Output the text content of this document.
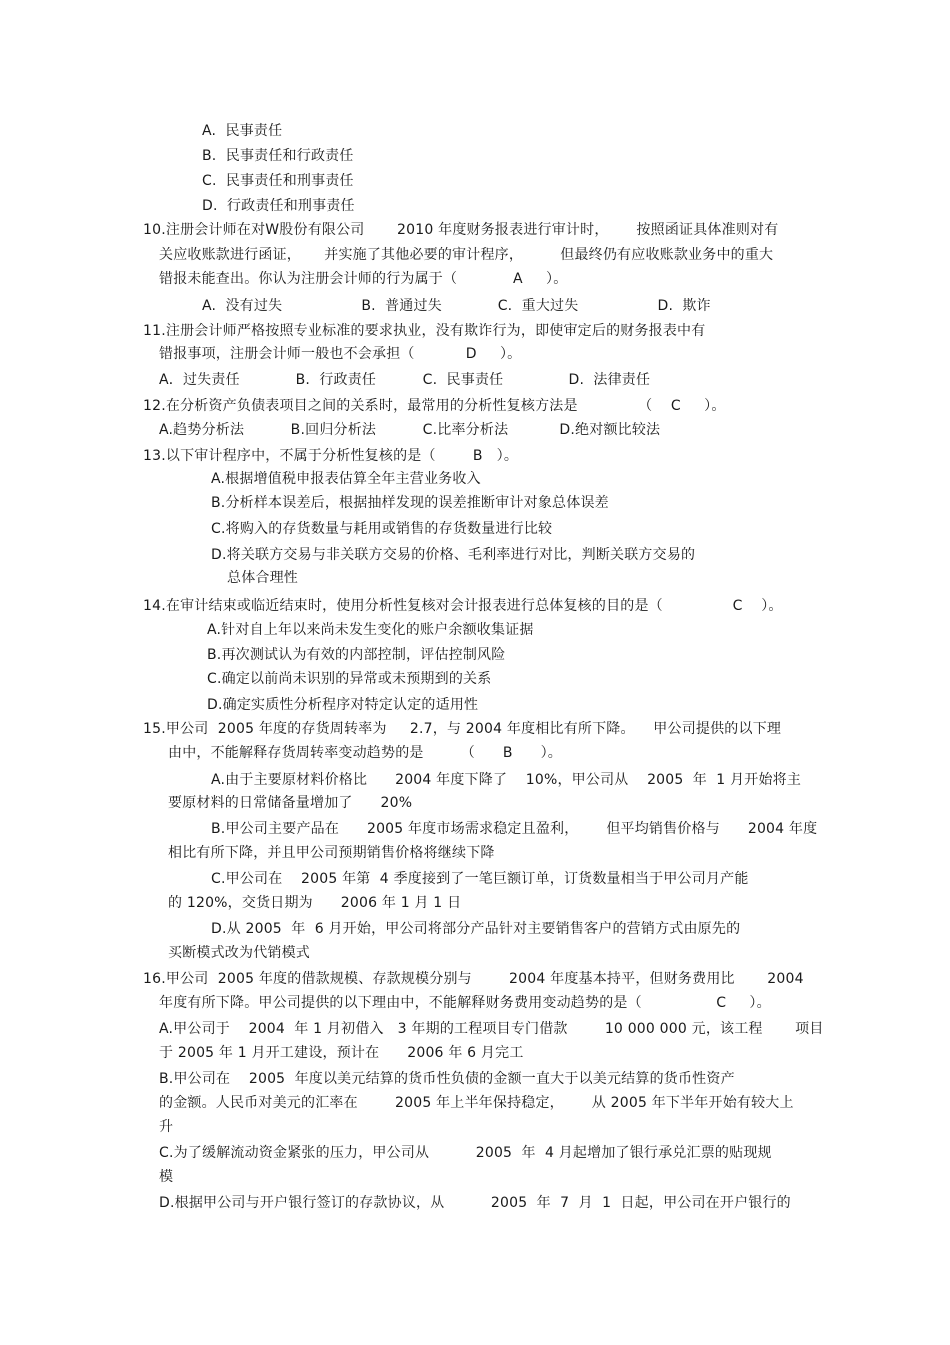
A.  民事责任
B.  民事责任和行政责任
C.  民事责任和刑事责任
D.  行政责任和刑事责任
10.注册会计师在对W股份有限公司       2010 年度财务报表进行审计时，      按照函证具体准则对有
关应收账款进行函证，     并实施了其他必要的审计程序，        但最终仍有应收账款业务中的重大
错报未能查出。你认为注册会计师的行为属于（            A     ）。
A.  没有过失                 B.  普通过失            C.  重大过失                 D.  欺诈
11.注册会计师严格按照专业标准的要求执业，没有欺诈行为，即使审定后的财务报表中有
错报事项，注册会计师一般也不会承担（           D     ）。
A．过失责任            B.  行政责任          C.  民事责任              D.  法律责任
12.在分析资产负债表项目之间的关系时，最常用的分析性复核方法是             （    C     ）。
A.趋势分析法          B.回归分析法          C.比率分析法           D.绝对额比较法
13.以下审计程序中，不属于分析性复核的是（        B   ）。
A.根据增值税申报表估算全年主营业务收入
B.分析样本误差后，根据抽样发现的误差推断审计对象总体误差
C.将购入的存货数量与耗用或销售的存货数量进行比较
D.将关联方交易与非关联方交易的价格、毛利率进行对比，判断关联方交易的
总体合理性
14.在审计结束或临近结束时，使用分析性复核对会计报表进行总体复核的目的是（               C    ）。
A.针对自上年以来尚未发生变化的账户余额收集证据
B.再次测试认为有效的内部控制，评估控制风险
C.确定以前尚未识别的异常或未预期到的关系
D.确定实质性分析程序对特定认定的适用性
15.甲公司  2005 年度的存货周转率为     2.7，与 2004 年度相比有所下降。    甲公司提供的以下理
由中，不能解释存货周转率变动趋势的是        （      B      ）。
A.由于主要原材料价格比      2004 年度下降了    10%，甲公司从    2005  年  1 月开始将主
要原材料的日常储备量增加了      20%
B.甲公司主要产品在      2005 年度市场需求稳定且盈利，      但平均销售价格与      2004 年度
相比有所下降，并且甲公司预期销售价格将继续下降
C.甲公司在    2005 年第  4 季度接到了一笔巨额订单，订货数量相当于甲公司月产能
的 120%，交货日期为      2006 年 1 月 1 日
D.从 2005  年  6 月开始，甲公司将部分产品针对主要销售客户的营销方式由原先的
买断模式改为代销模式
16.甲公司  2005 年度的借款规模、存款规模分别与        2004 年度基本持平，但财务费用比       2004
年度有所下降。甲公司提供的以下理由中，不能解释财务费用变动趋势的是（                C     ）。
A.甲公司于    2004  年 1 月初借入   3 年期的工程项目专门借款        10 000 000 元，该工程       项目
于 2005 年 1 月开工建设，预计在      2006 年 6 月完工
B.甲公司在    2005  年度以美元结算的货币性负债的金额一直大于以美元结算的货币性资产
的金额。人民币对美元的汇率在        2005 年上半年保持稳定，      从 2005 年下半年开始有较大上
升
C.为了缓解流动资金紧张的压力，甲公司从          2005  年  4 月起增加了银行承兑汇票的贴现规
模
D.根据甲公司与开户银行签订的存款协议，从          2005  年  7  月  1  日起，甲公司在开户银行的
